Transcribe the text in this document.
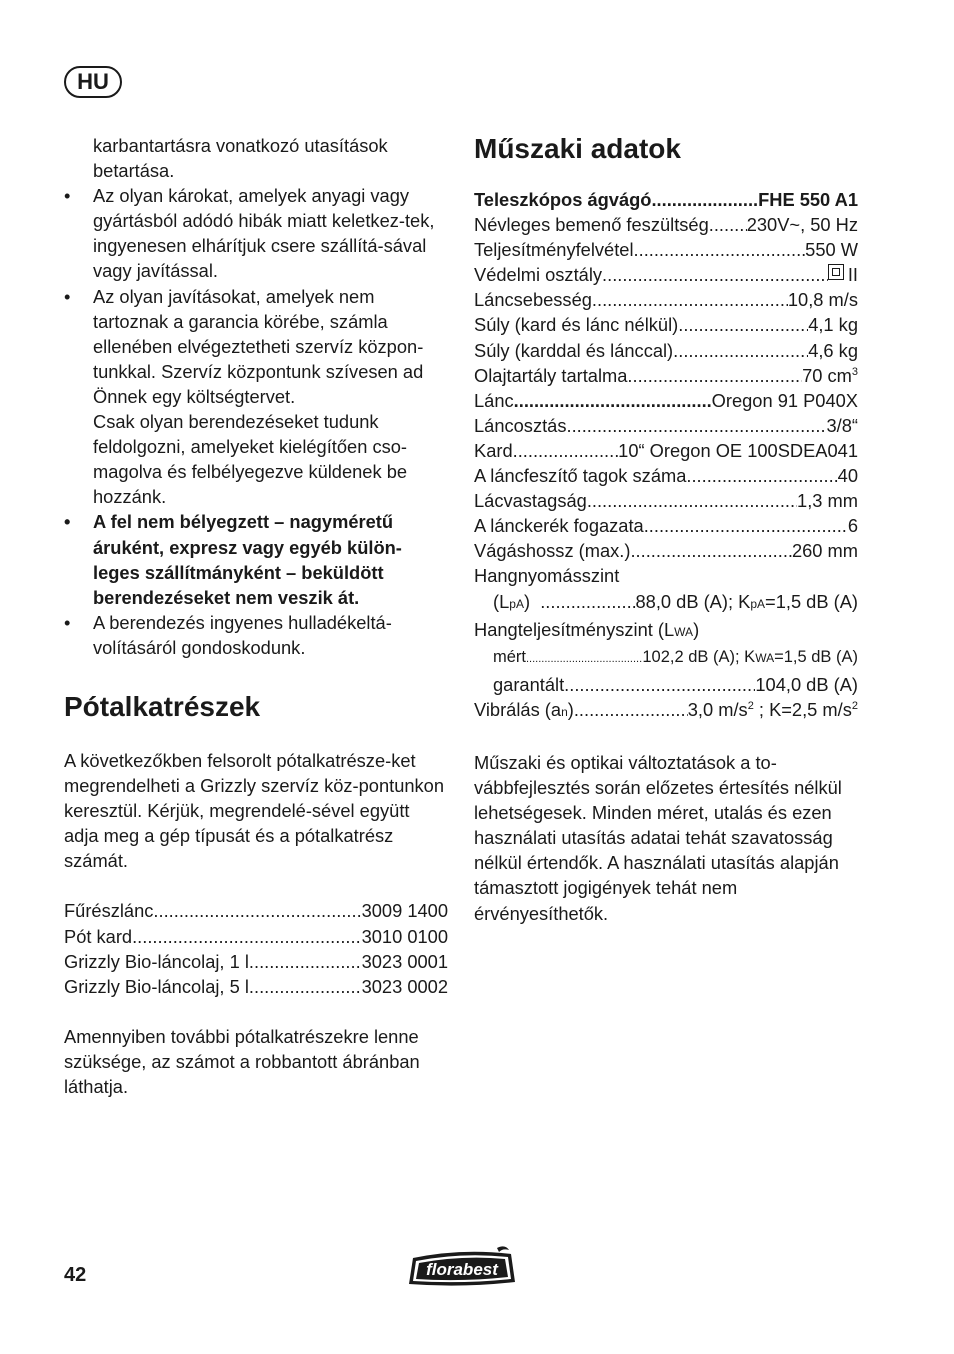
HU
karbantartásra vonatkozó utasítások betartása.
• Az olyan károkat, amelyek anyagi vagy gyártásból adódó hibák miatt keletkez-tek, ingyenesen elhárítjuk csere szállítá-sával vagy javítással.
• Az olyan javításokat, amelyek nem tartoznak a garancia körébe, számla ellenében elvégeztetheti szervíz közpon-tunkkal. Szervíz központunk szívesen ad Önnek egy költségtervet.
Csak olyan berendezéseket tudunk feldolgozni, amelyeket kielégítően cso-magolva és felbélyegezve küldenek be hozzánk.
• A fel nem bélyegzett – nagyméretű áruként, expresz vagy egyéb külön-leges szállítmányként – beküldött berendezéseket nem veszik át.
• A berendezés ingyenes hulladékeltá-volításáról gondoskodunk.
Pótalkatrészek

A következőkben felsorolt pótalkatrésze-ket megrendelheti a Grizzly szervíz köz-pontunkon keresztül. Kérjük, megrendelé-sével együtt adja meg a gép típusát és a pótalkatrész számát.

Fűrészlánc .....	3009 1400
Pót kard .....	3010 0100
Grizzly Bio-láncolaj, 1 l .....	3023 0001
Grizzly Bio-láncolaj, 5 l .....	3023 0002

Amennyiben további pótalkatrészekre lenne szüksége, az számot a robbantott ábránban láthatja.

Műszaki adatok
Teleszkópos ágvágó .....	FHE 550 A1
Névleges bemenő feszültség ..... 230V~, 50 Hz
Teljesítményfelvétel .....	550 W
Védelmi osztály .....	II
Láncsebesség .....	10,8 m/s
Súly (kard és lánc nélkül) .....	4,1 kg
Súly (karddal és lánccal) .....	4,6 kg
Olajtartály tartalma .....	70 $cm^3$
Lánc .....	Oregon 91 P040X
Láncosztás .....	3/8“
Kard .....	10“ Oregon OE 100SDEA041
A láncfeszítő tagok száma .....	40
Lácvastagság .....	1,3 mm
A lánckerék fogazata .....	6
Vágáshossz (max.) .....	260 mm
Hangnyomásszint
(LpA) .....	88,0 dB (A); KpA=1,5 dB (A)
Hangteljesítményszint (LWA)
mért .....	102,2 dB (A); KWA=1,5 dB (A)
garantált .....	104,0 dB (A)
Vibrálás (an) .....	3,0 $m/s^2$ ; K=2,5 $m/s^2$

Műszaki és optikai változtatások a to-vábbfejlesztés során előzetes értesítés nélkül lehetségesek. Minden méret, utalás és ezen használati utasítás adatai tehát szavatosság nélkül értendők. A használati utasítás alapján támasztott jogigények tehát nem érvényesíthetők.

42	florabest
